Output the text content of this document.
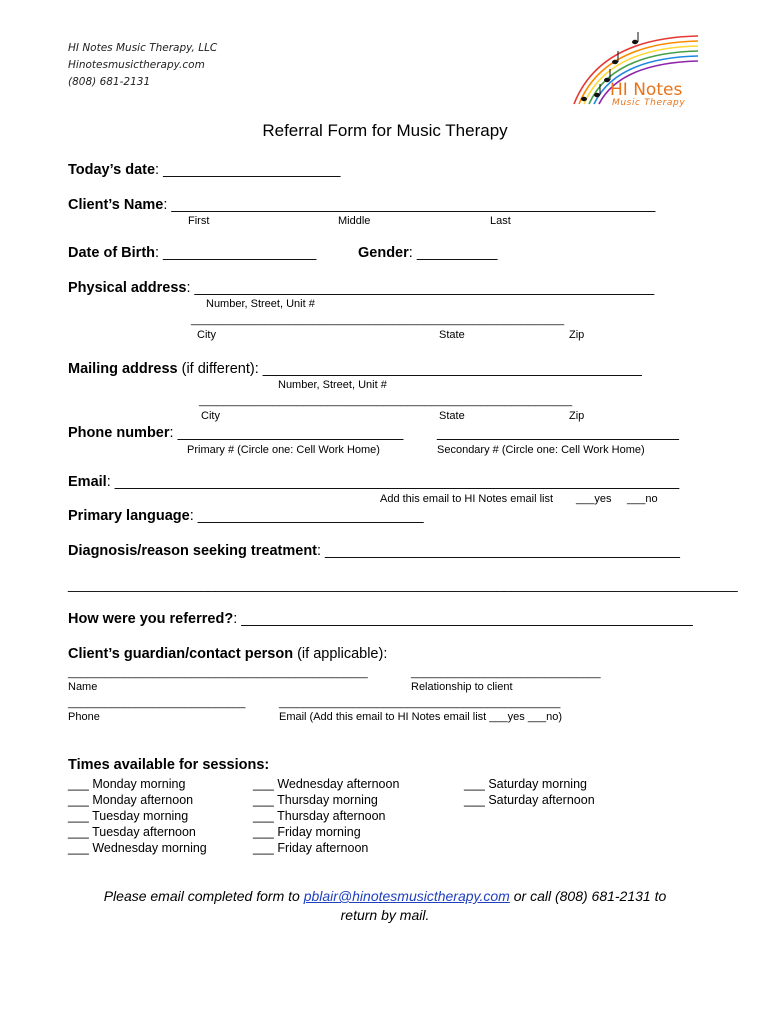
HI Notes Music Therapy, LLC
Hinotesmusictherapy.com
(808) 681-2131	HI Notes
Music Therapy
Referral Form for Music Therapy
Today’s date: ______________________
Client’s Name: ____________________________________________________________
First	Middle	Last
Date of Birth: ___________________	Gender: __________
Physical address: _________________________________________________________
Number, Street, Unit #
_____________________________________________________________
City	State	Zip
Mailing address (if different): _______________________________________________
Number, Street, Unit #
_____________________________________________________________
City	State	Zip
Phone number: ____________________________ ______________________________
Primary # (Circle one: Cell Work Home)	Secondary # (Circle one: Cell Work Home)
Email: ______________________________________________________________________
Add this email to HI Notes email list ___yes ___no
Primary language: ____________________________
Diagnosis/reason seeking treatment: ____________________________________________
______________________________________________________________________________________
How were you referred?: ________________________________________________________
Client’s guardian/contact person (if applicable):
_________________________________________________	_______________________________
Name	Relationship to client
_____________________________	______________________________________________
Phone	Email (Add this email to HI Notes email list ___yes ___no)
Times available for sessions:
___ Monday morning
___ Monday afternoon
___ Tuesday morning
___ Tuesday afternoon
___ Wednesday morning
___ Wednesday afternoon
___ Thursday morning
___ Thursday afternoon
___ Friday morning
___ Friday afternoon
___ Saturday morning
___ Saturday afternoon
Please email completed form to pblair@hinotesmusictherapy.com or call (808) 681-2131 to
return by mail.
